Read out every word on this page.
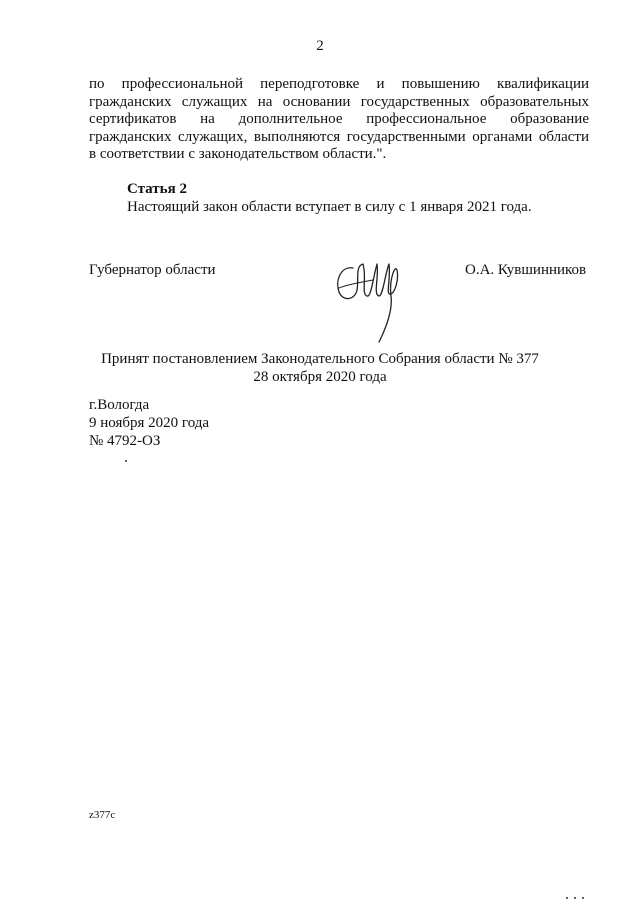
2
по профессиональной переподготовке и повышению квалификации
гражданских служащих на основании государственных образовательных
сертификатов на дополнительное профессиональное образование
гражданских служащих, выполняются государственными органами области
в соответствии с законодательством области.".
Статья 2
Настоящий закон области вступает в силу с 1 января 2021 года.
Губернатор области	О.А. Кувшинников
Принят постановлением Законодательного Собрания области № 377
28 октября 2020 года
г.Вологда
9 ноября 2020 года
№ 4792-ОЗ
z377c
